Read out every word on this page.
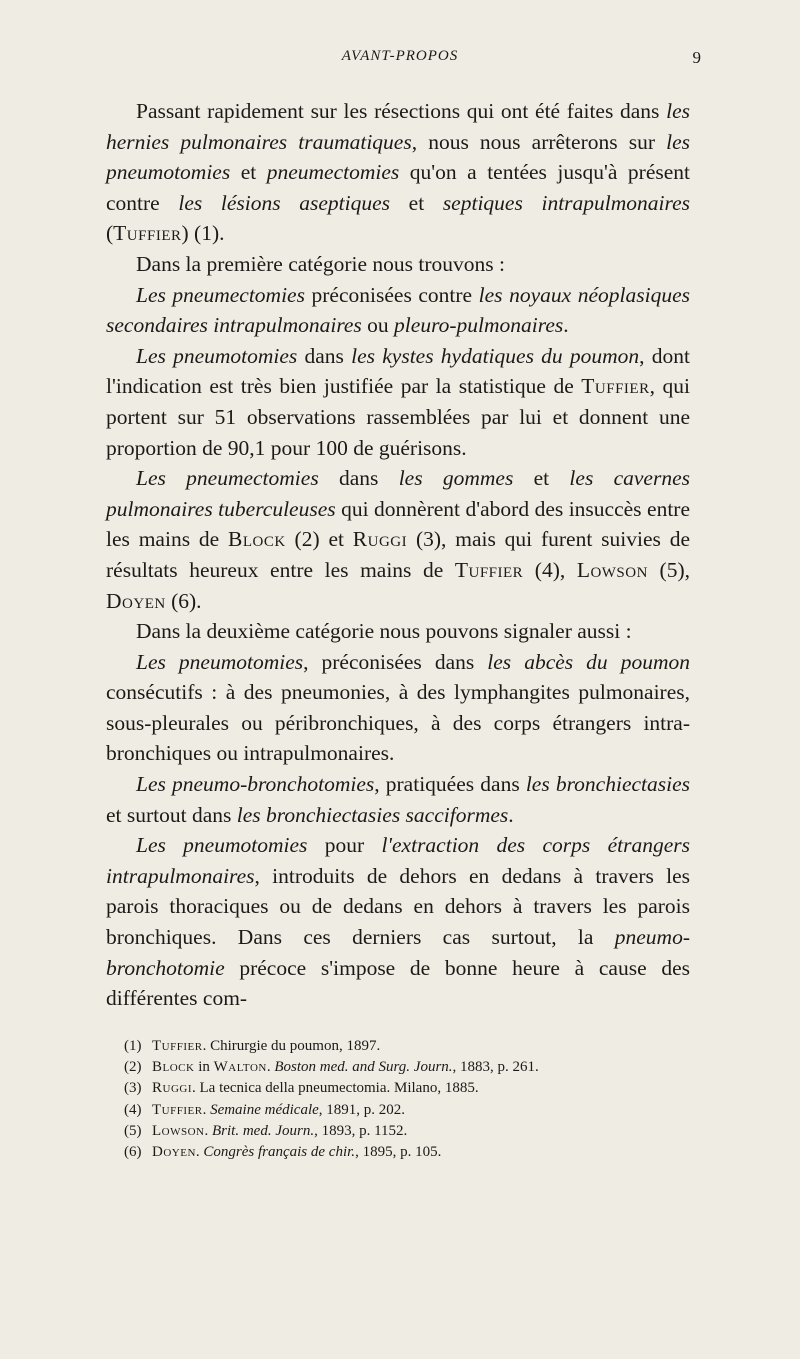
AVANT-PROPOS	9

Passant rapidement sur les résections qui ont été faites dans les hernies pulmonaires traumatiques, nous nous arrêterons sur les pneumotomies et pneumectomies qu'on a tentées jusqu'à présent contre les lésions aseptiques et septiques intrapulmonaires (Tuffier) (1).

Dans la première catégorie nous trouvons :

Les pneumectomies préconisées contre les noyaux néoplasiques secondaires intrapulmonaires ou pleuro-pulmonaires.

Les pneumotomies dans les kystes hydatiques du poumon, dont l'indication est très bien justifiée par la statistique de Tuffier, qui portent sur 51 observations rassemblées par lui et donnent une proportion de 90,1 pour 100 de guérisons.

Les pneumectomies dans les gommes et les cavernes pulmonaires tuberculeuses qui donnèrent d'abord des insuccès entre les mains de Block (2) et Ruggi (3), mais qui furent suivies de résultats heureux entre les mains de Tuffier (4), Lowson (5), Doyen (6).

Dans la deuxième catégorie nous pouvons signaler aussi :

Les pneumotomies, préconisées dans les abcès du poumon consécutifs : à des pneumonies, à des lymphangites pulmonaires, sous-pleurales ou péribronchiques, à des corps étrangers intra-bronchiques ou intrapulmonaires.

Les pneumo-bronchotomies, pratiquées dans les bronchiectasies et surtout dans les bronchiectasies sacciformes.

Les pneumotomies pour l'extraction des corps étrangers intrapulmonaires, introduits de dehors en dedans à travers les parois thoraciques ou de dedans en dehors à travers les parois bronchiques. Dans ces derniers cas surtout, la pneumo-bronchotomie précoce s'impose de bonne heure à cause des différentes com-

(1) Tuffier. Chirurgie du poumon, 1897.
(2) Block in Walton. Boston med. and Surg. Journ., 1883, p. 261.
(3) Ruggi. La tecnica della pneumectomia. Milano, 1885.
(4) Tuffier. Semaine médicale, 1891, p. 202.
(5) Lowson. Brit. med. Journ., 1893, p. 1152.
(6) Doyen. Congrès français de chir., 1895, p. 105.
